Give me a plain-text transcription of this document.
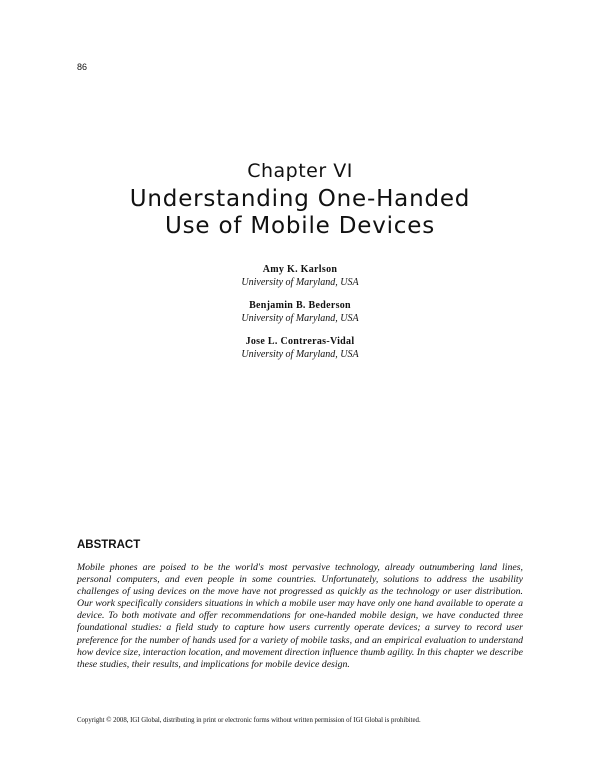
86
Chapter VI
Understanding One-Handed
Use of Mobile Devices
Amy K. Karlson
University of Maryland, USA
Benjamin B. Bederson
University of Maryland, USA
Jose L. Contreras-Vidal
University of Maryland, USA
ABSTRACT
Mobile phones are poised to be the world's most pervasive technology, already outnumbering land lines, personal computers, and even people in some countries. Unfortunately, solutions to address the usability challenges of using devices on the move have not progressed as quickly as the technology or user distribution. Our work specifically considers situations in which a mobile user may have only one hand available to operate a device. To both motivate and offer recommendations for one-handed mobile design, we have conducted three foundational studies: a field study to capture how users currently operate devices; a survey to record user preference for the number of hands used for a variety of mobile tasks, and an empirical evaluation to understand how device size, interaction location, and movement direction influence thumb agility. In this chapter we describe these studies, their results, and implications for mobile device design.
Copyright © 2008, IGI Global, distributing in print or electronic forms without written permission of IGI Global is prohibited.
